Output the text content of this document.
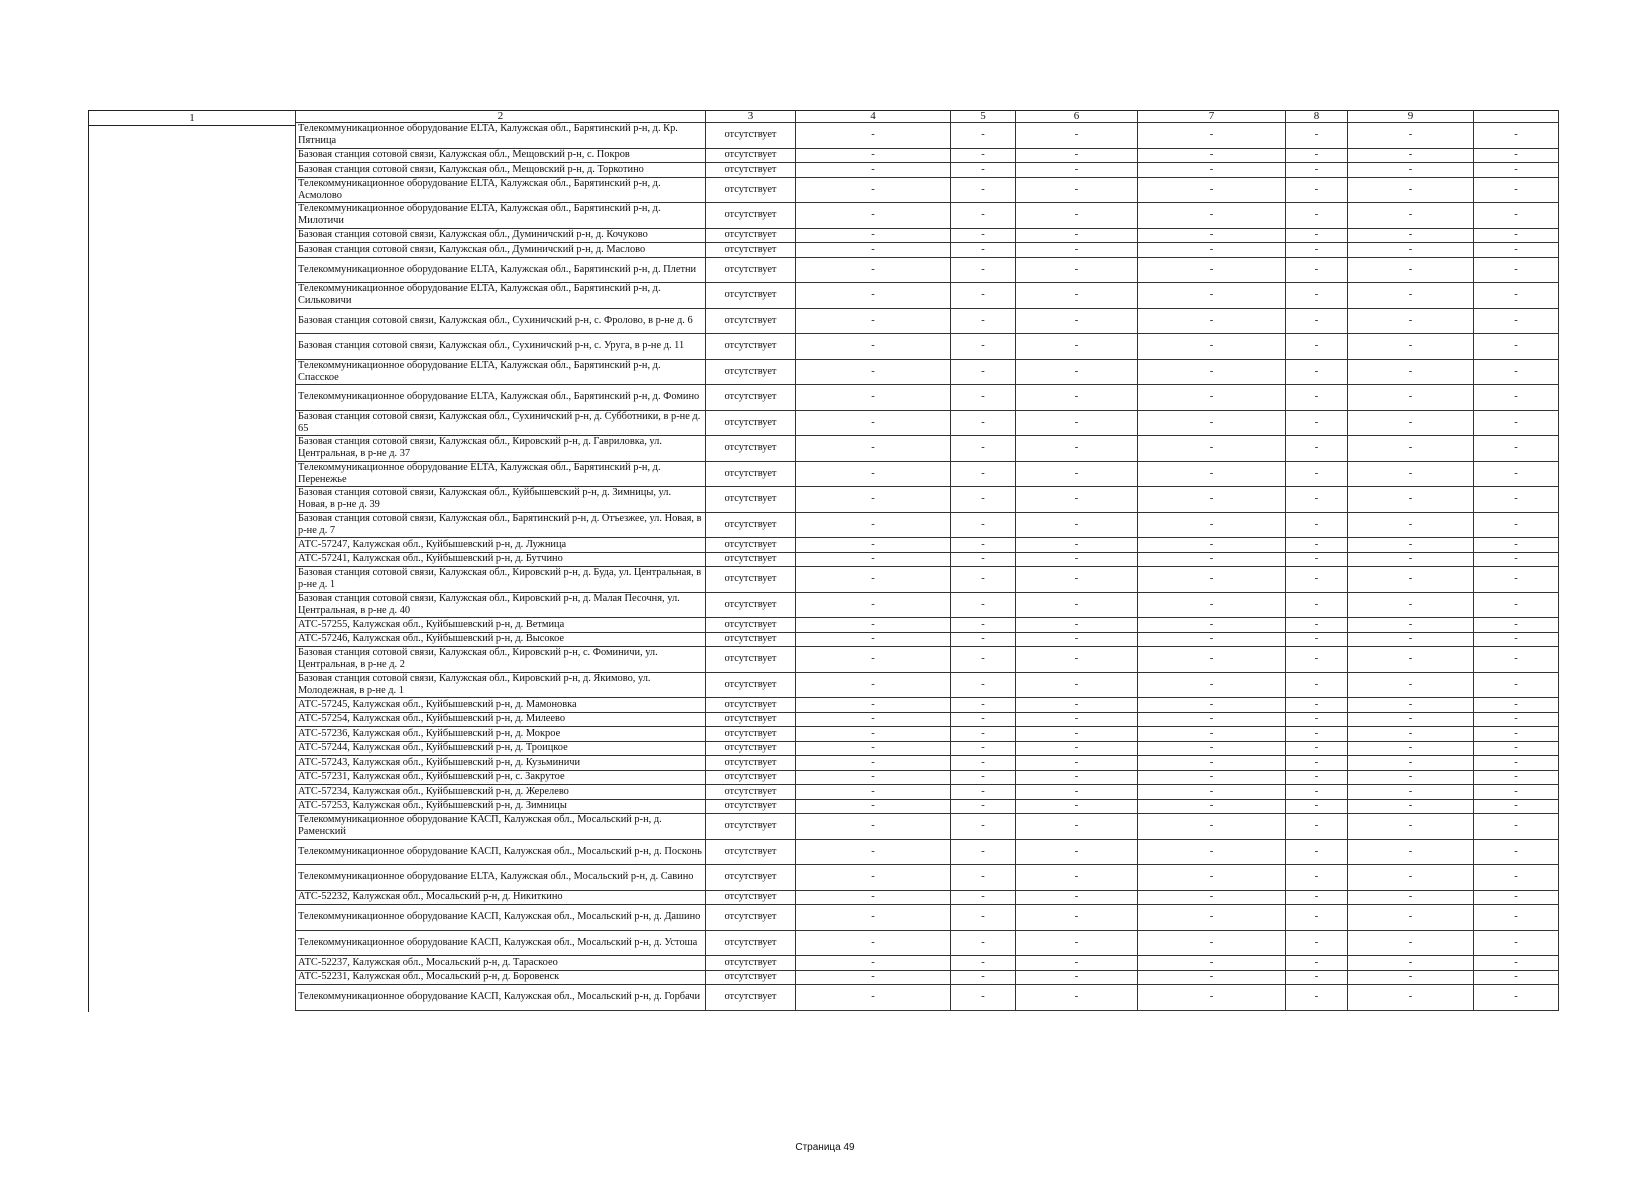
1	2	3	4	5	6	7	8	9	
Телекоммуникационное оборудование ELTA, Калужская обл., Барятинский р-н, д. Кр. Пятница	отсутствует	-	-	-	-	-	-	-
Базовая станция сотовой связи, Калужская обл., Мещовский р-н, с. Покров	отсутствует	-	-	-	-	-	-	-
Базовая станция сотовой связи, Калужская обл., Мещовский р-н, д. Торкотино	отсутствует	-	-	-	-	-	-	-
Телекоммуникационное оборудование ELTA, Калужская обл., Барятинский р-н, д. Асмолово	отсутствует	-	-	-	-	-	-	-
Телекоммуникационное оборудование ELTA, Калужская обл., Барятинский р-н, д. Милотичи	отсутствует	-	-	-	-	-	-	-
Базовая станция сотовой связи, Калужская обл., Думиничский р-н, д. Кочуково	отсутствует	-	-	-	-	-	-	-
Базовая станция сотовой связи, Калужская обл., Думиничский р-н, д. Маслово	отсутствует	-	-	-	-	-	-	-
Телекоммуникационное оборудование ELTA, Калужская обл., Барятинский р-н, д. Плетни	отсутствует	-	-	-	-	-	-	-
Телекоммуникационное оборудование ELTA, Калужская обл., Барятинский р-н, д. Сильковичи	отсутствует	-	-	-	-	-	-	-
Базовая станция сотовой связи, Калужская обл., Сухиничский р-н, с. Фролово, в р-не д. 6	отсутствует	-	-	-	-	-	-	-
Базовая станция сотовой связи, Калужская обл., Сухиничский р-н, с. Уруга, в р-не д. 11	отсутствует	-	-	-	-	-	-	-
Телекоммуникационное оборудование ELTA, Калужская обл., Барятинский р-н, д. Спасское	отсутствует	-	-	-	-	-	-	-
Телекоммуникационное оборудование ELTA, Калужская обл., Барятинский р-н, д. Фомино	отсутствует	-	-	-	-	-	-	-
Базовая станция сотовой связи, Калужская обл., Сухиничский р-н, д. Субботники, в р-не д. 65	отсутствует	-	-	-	-	-	-	-
Базовая станция сотовой связи, Калужская обл., Кировский р-н, д. Гавриловка, ул. Центральная, в р-не д. 37	отсутствует	-	-	-	-	-	-	-
Телекоммуникационное оборудование ELTA, Калужская обл., Барятинский р-н, д. Перенежье	отсутствует	-	-	-	-	-	-	-
Базовая станция сотовой связи, Калужская обл., Куйбышевский р-н, д. Зимницы, ул. Новая, в р-не д. 39	отсутствует	-	-	-	-	-	-	-
Базовая станция сотовой связи, Калужская обл., Барятинский р-н, д. Отъезжее, ул. Новая, в р-не д. 7	отсутствует	-	-	-	-	-	-	-
АТС-57247, Калужская обл., Куйбышевский р-н, д. Лужница	отсутствует	-	-	-	-	-	-	-
АТС-57241, Калужская обл., Куйбышевский р-н, д. Бутчино	отсутствует	-	-	-	-	-	-	-
Базовая станция сотовой связи, Калужская обл., Кировский р-н, д. Буда, ул. Центральная, в р-не д. 1	отсутствует	-	-	-	-	-	-	-
Базовая станция сотовой связи, Калужская обл., Кировский р-н, д. Малая Песочня, ул. Центральная, в р-не д. 40	отсутствует	-	-	-	-	-	-	-
АТС-57255, Калужская обл., Куйбышевский р-н, д. Ветмица	отсутствует	-	-	-	-	-	-	-
АТС-57246, Калужская обл., Куйбышевский р-н, д. Высокое	отсутствует	-	-	-	-	-	-	-
Базовая станция сотовой связи, Калужская обл., Кировский р-н, с. Фоминичи, ул. Центральная, в р-не д. 2	отсутствует	-	-	-	-	-	-	-
Базовая станция сотовой связи, Калужская обл., Кировский р-н, д. Якимово, ул. Молодежная, в р-не д. 1	отсутствует	-	-	-	-	-	-	-
АТС-57245, Калужская обл., Куйбышевский р-н, д. Мамоновка	отсутствует	-	-	-	-	-	-	-
АТС-57254, Калужская обл., Куйбышевский р-н, д. Милеево	отсутствует	-	-	-	-	-	-	-
АТС-57236, Калужская обл., Куйбышевский р-н, д. Мокрое	отсутствует	-	-	-	-	-	-	-
АТС-57244, Калужская обл., Куйбышевский р-н, д. Троицкое	отсутствует	-	-	-	-	-	-	-
АТС-57243, Калужская обл., Куйбышевский р-н, д. Кузьминичи	отсутствует	-	-	-	-	-	-	-
АТС-57231, Калужская обл., Куйбышевский р-н, с. Закрутое	отсутствует	-	-	-	-	-	-	-
АТС-57234, Калужская обл., Куйбышевский р-н, д. Жерелево	отсутствует	-	-	-	-	-	-	-
АТС-57253, Калужская обл., Куйбышевский р-н, д. Зимницы	отсутствует	-	-	-	-	-	-	-
Телекоммуникационное оборудование КАСП, Калужская обл., Мосальский р-н, д. Раменский	отсутствует	-	-	-	-	-	-	-
Телекоммуникационное оборудование КАСП, Калужская обл., Мосальский р-н, д. Посконь	отсутствует	-	-	-	-	-	-	-
Телекоммуникационное оборудование ELTA, Калужская обл., Мосальский р-н, д. Савино	отсутствует	-	-	-	-	-	-	-
АТС-52232, Калужская обл., Мосальский р-н, д. Никиткино	отсутствует	-	-	-	-	-	-	-
Телекоммуникационное оборудование КАСП, Калужская обл., Мосальский р-н, д. Дашино	отсутствует	-	-	-	-	-	-	-
Телекоммуникационное оборудование КАСП, Калужская обл., Мосальский р-н, д. Устоша	отсутствует	-	-	-	-	-	-	-
АТС-52237, Калужская обл., Мосальский р-н, д. Тараскоео	отсутствует	-	-	-	-	-	-	-
АТС-52231, Калужская обл., Мосальский р-н, д. Боровенск	отсутствует	-	-	-	-	-	-	-
Телекоммуникационное оборудование КАСП, Калужская обл., Мосальский р-н, д. Горбачи	отсутствует	-	-	-	-	-	-	-
Страница 49
